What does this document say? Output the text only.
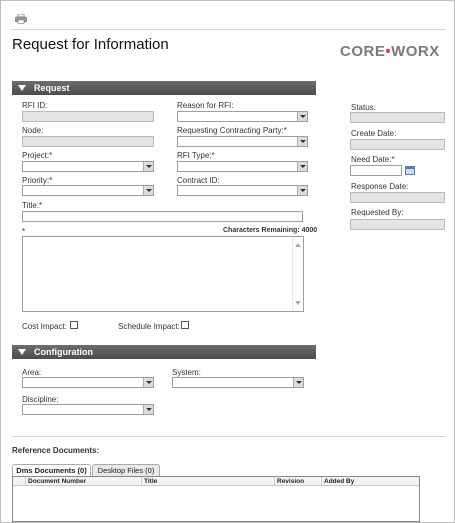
Request for Information	CORE•WORX
Request
RFI ID:
Node:
Project:*
Priority:*
Reason for RFI:
Requesting Contracting Party:*
RFI Type:*
Contract ID:
Title:*
*	Characters Remaining: 4000
Cost Impact:	Schedule Impact:
Status:
Create Date:
Need Date:*
Response Date:
Requested By:
Configuration
Area:	System:
Discipline:
Reference Documents:
Dms Documents (0)	Desktop Files (0)
Document Number	Title	Revision	Added By
